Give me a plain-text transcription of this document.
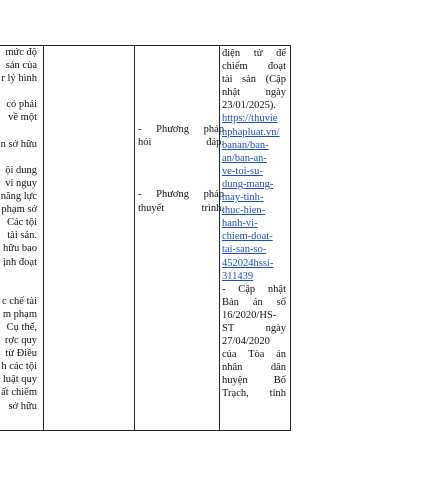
mức độ
sản của
r lý hình
có phải
về một
n sở hữu
ội dung
vi nguy
năng lực
phạm sở
Các tội
tài sản.
hữu bao
ịnh đoạt
c chế tài
m phạm
Cụ thể,
rợc quy
từ Điều
h các tội
luật quy
ất chiếm
sở hữu
- Phương pháp
hỏi đáp.
- Phương pháp
thuyết trình.
điện tử để
chiếm đoạt
tài sản (Cập
nhật ngày
23/01/2025).
https://thuvie
nphapluat.vn/
banan/ban-
an/ban-an-
ve-toi-su-
dung-mang-
may-tinh-
thuc-hien-
hanh-vi-
chiem-doat-
tai-san-so-
452024hssi-
311439
- Cập nhật
Bản án số
16/2020/HS-
ST ngày
27/04/2020
của Tòa án
nhân dân
huyện Bố
Trạch, tỉnh
